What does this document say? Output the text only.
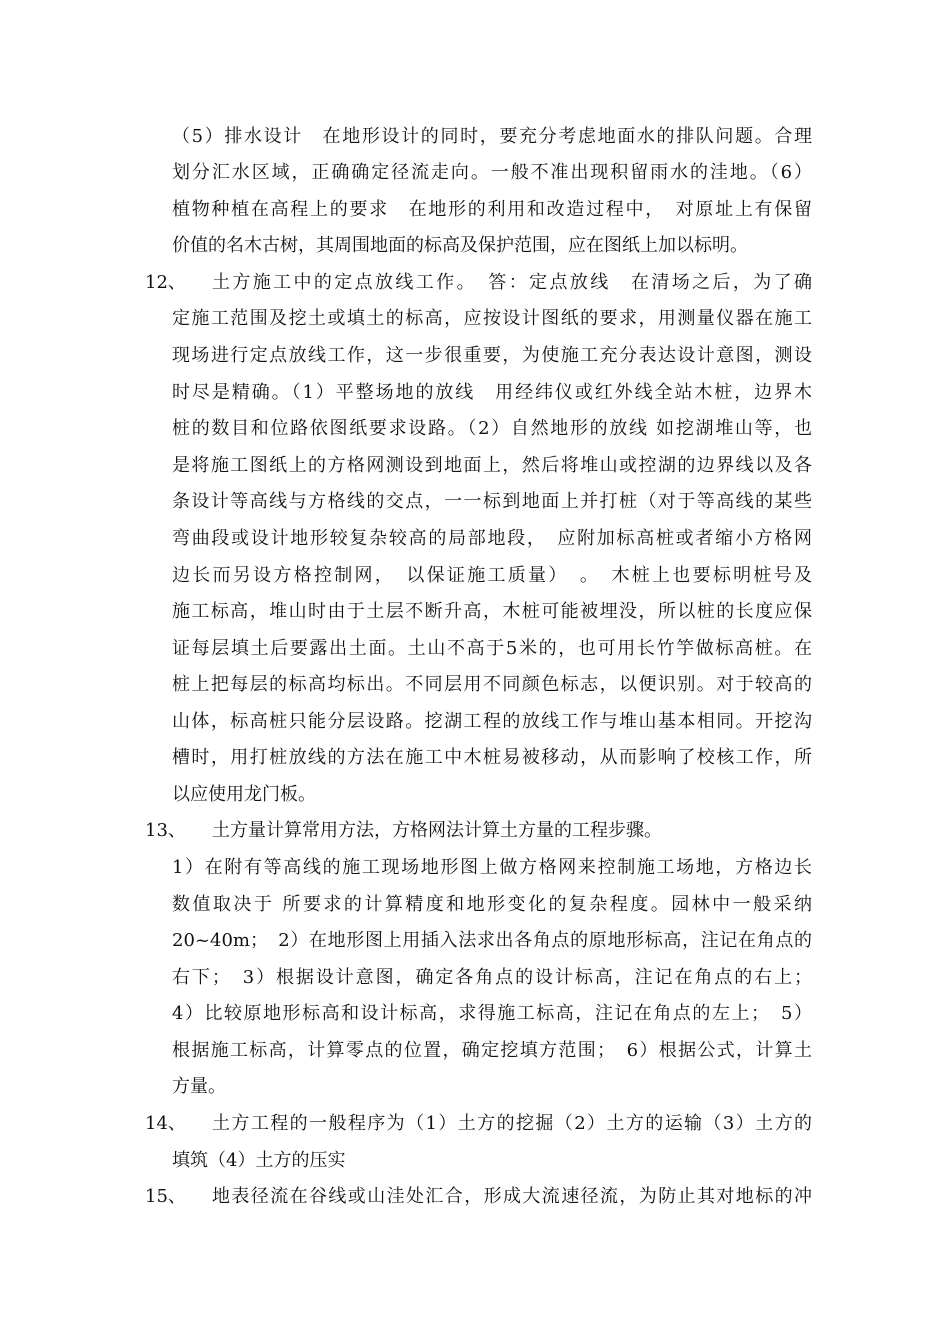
（5）排水设计　在地形设计的同时，要充分考虑地面水的排队问题。合理
划分汇水区域，正确确定径流走向。一般不准出现积留雨水的洼地。（6）
植物种植在高程上的要求　在地形的利用和改造过程中，　对原址上有保留
价值的名木古树，其周围地面的标高及保护范围，应在图纸上加以标明。
12、 土方施工中的定点放线工作。　答：定点放线　在清场之后，为了确
定施工范围及挖土或填土的标高，应按设计图纸的要求，用测量仪器在施工
现场进行定点放线工作，这一步很重要，为使施工充分表达设计意图，测设
时尽是精确。（1）平整场地的放线　用经纬仪或红外线全站木桩，边界木
桩的数目和位路依图纸要求设路。（2）自然地形的放线 如挖湖堆山等，也
是将施工图纸上的方格网测设到地面上，然后将堆山或控湖的边界线以及各
条设计等高线与方格线的交点，一一标到地面上并打桩（对于等高线的某些
弯曲段或设计地形较复杂较高的局部地段，　应附加标高桩或者缩小方格网
边长而另设方格控制网，　以保证施工质量）　。　木桩上也要标明桩号及
施工标高，堆山时由于土层不断升高，木桩可能被埋没，所以桩的长度应保
证每层填土后要露出土面。土山不高于5米的，也可用长竹竽做标高桩。在
桩上把每层的标高均标出。不同层用不同颜色标志，以便识别。对于较高的
山体，标高桩只能分层设路。挖湖工程的放线工作与堆山基本相同。开挖沟
槽时，用打桩放线的方法在施工中木桩易被移动，从而影响了校核工作，所
以应使用龙门板。
13、 土方量计算常用方法，方格网法计算土方量的工程步骤。
1）在附有等高线的施工现场地形图上做方格网来控制施工场地，方格边长
数值取决于 所要求的计算精度和地形变化的复杂程度。园林中一般采纳
20~40m；　2）在地形图上用插入法求出各角点的原地形标高，注记在角点的
右下；　3）根据设计意图，确定各角点的设计标高，注记在角点的右上；
4）比较原地形标高和设计标高，求得施工标高，注记在角点的左上；　5）
根据施工标高，计算零点的位置，确定挖填方范围；　6）根据公式，计算土
方量。
14、 土方工程的一般程序为（1）土方的挖掘（2）土方的运输（3）土方的
填筑（4）土方的压实
15、 地表径流在谷线或山洼处汇合，形成大流速径流，为防止其对地标的冲
